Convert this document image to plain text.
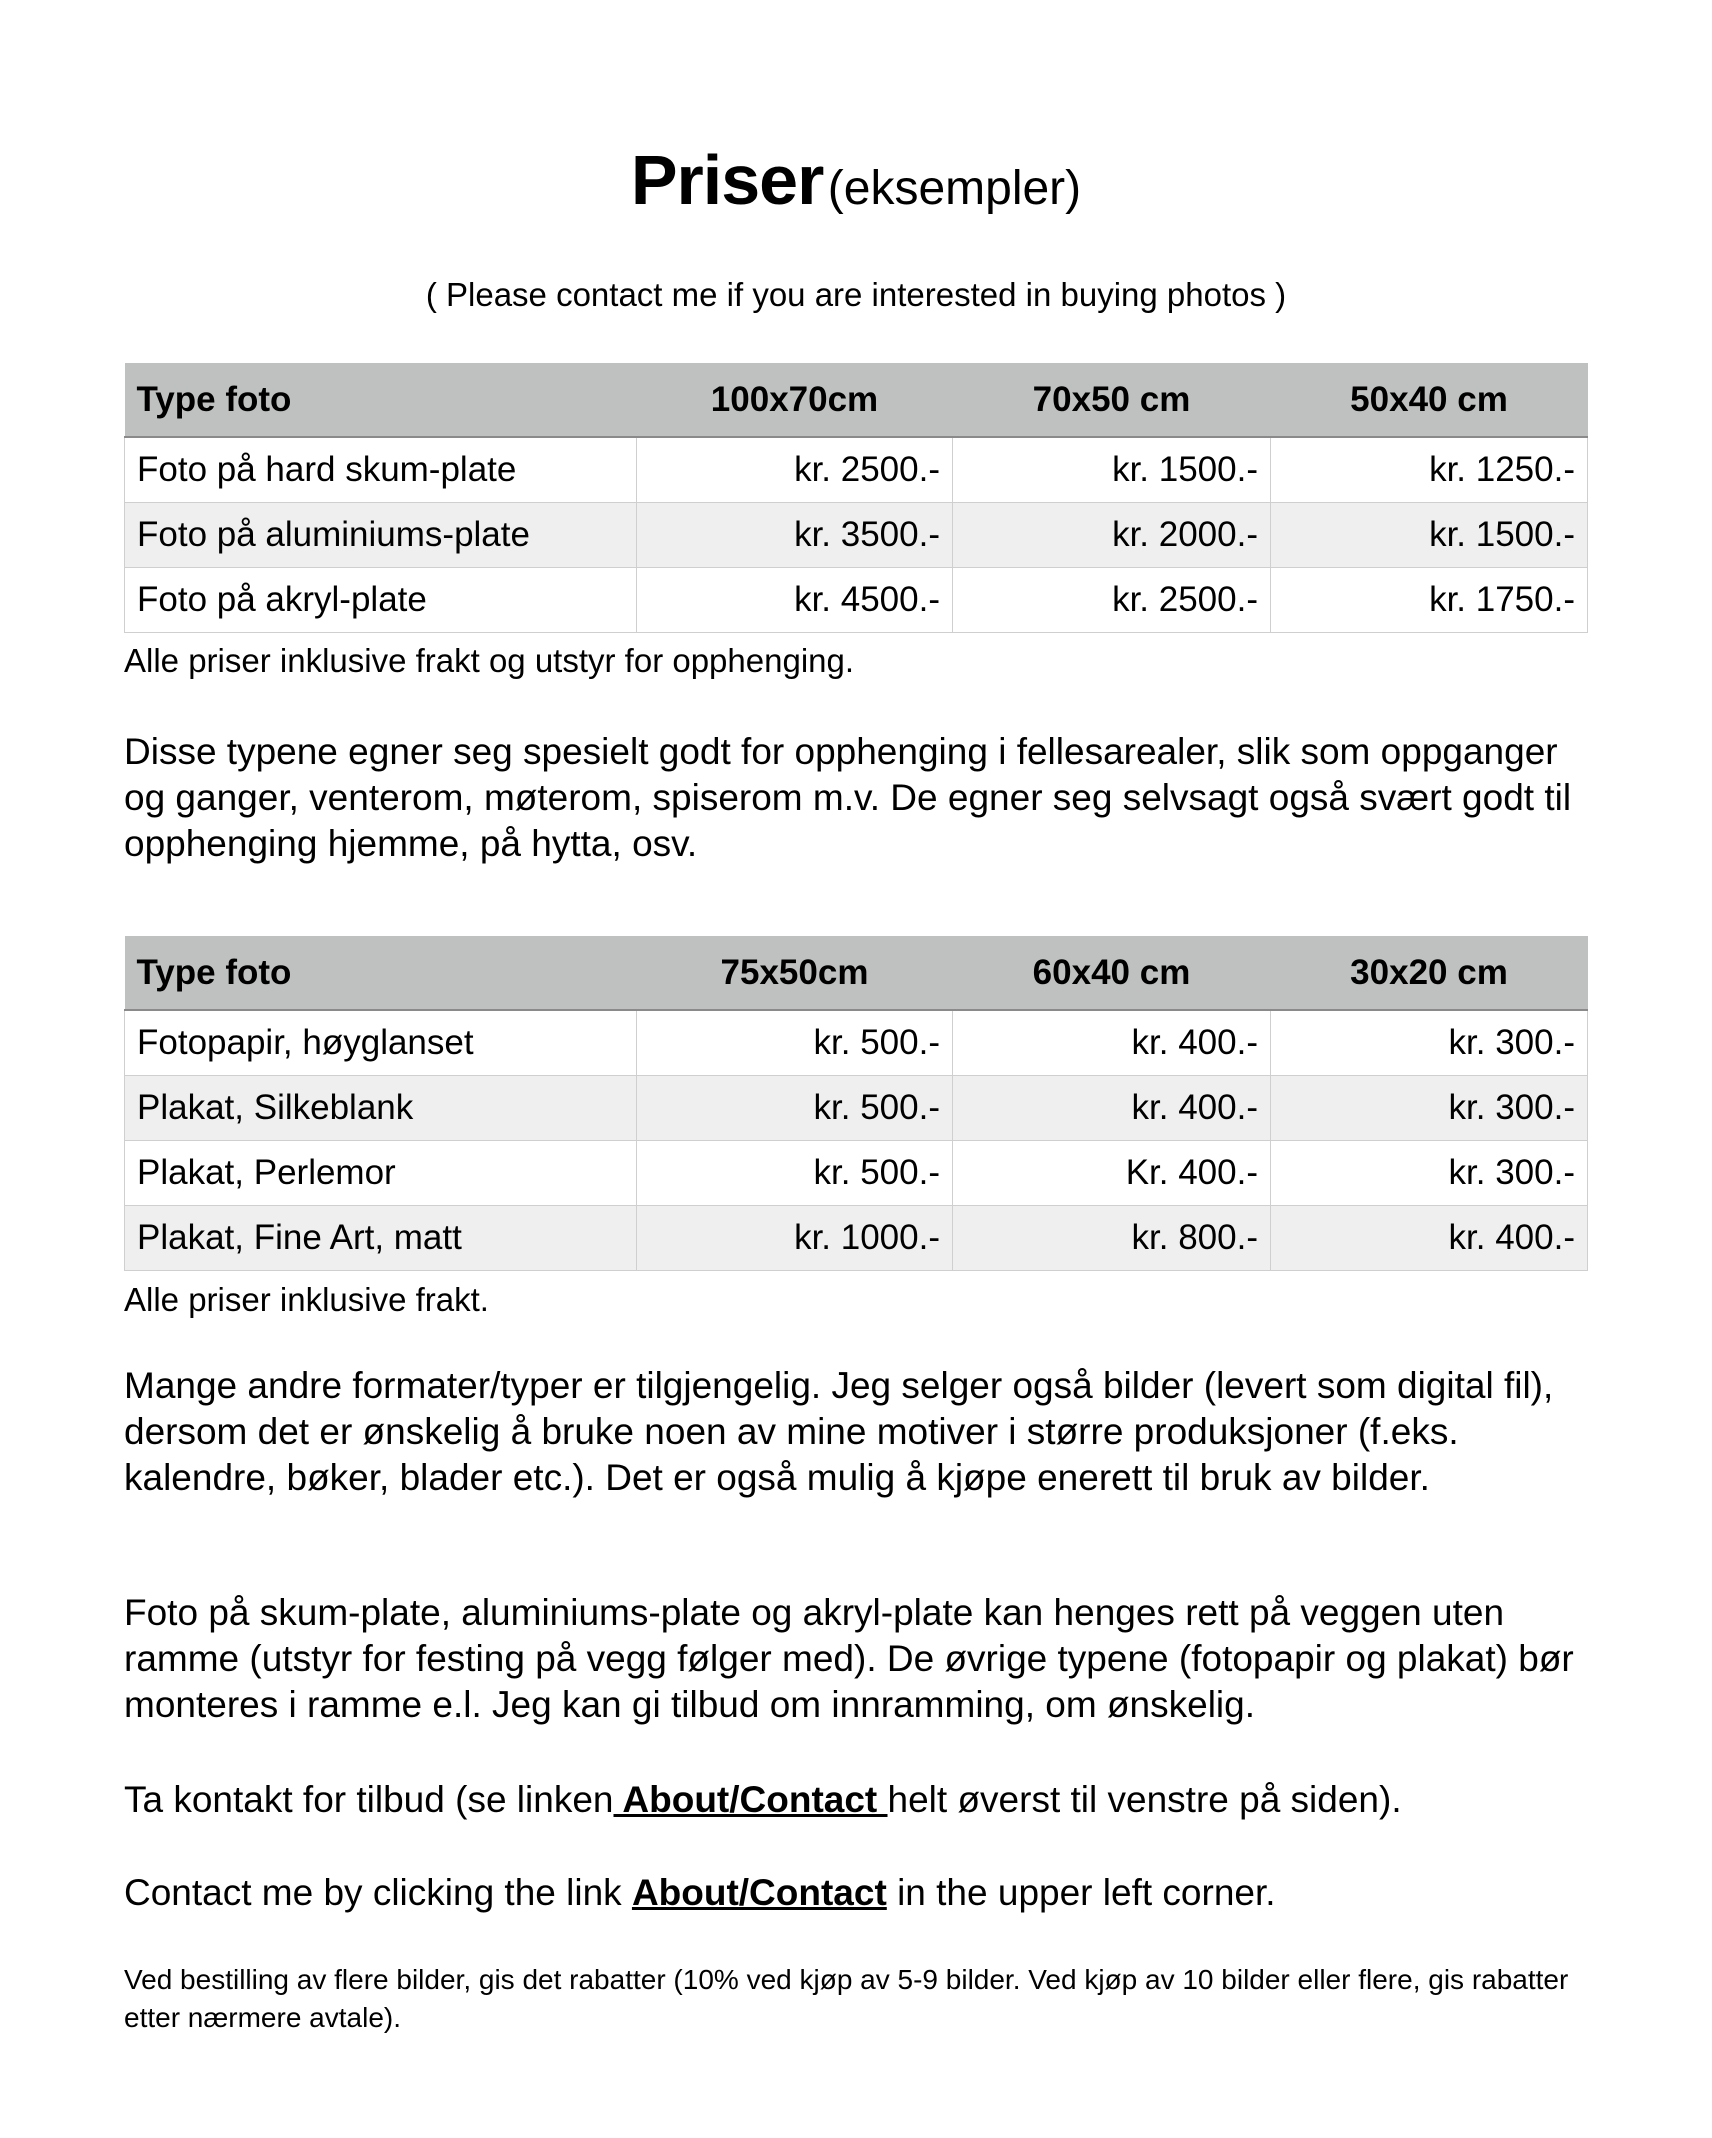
Priser (eksempler)
( Please contact me if you are interested in buying photos )
Type foto	100x70cm	70x50 cm	50x40 cm
Foto på hard skum-plate	kr. 2500.-	kr. 1500.-	kr. 1250.-
Foto på aluminiums-plate	kr. 3500.-	kr. 2000.-	kr. 1500.-
Foto på akryl-plate	kr. 4500.-	kr. 2500.-	kr. 1750.-
Alle priser inklusive frakt og utstyr for opphenging.
Disse typene egner seg spesielt godt for opphenging i fellesarealer, slik som oppganger og ganger, venterom, møterom, spiserom m.v. De egner seg selvsagt også svært godt til opphenging hjemme, på hytta, osv.
Type foto	75x50cm	60x40 cm	30x20 cm
Fotopapir, høyglanset	kr. 500.-	kr. 400.-	kr. 300.-
Plakat, Silkeblank	kr. 500.-	kr. 400.-	kr. 300.-
Plakat, Perlemor	kr. 500.-	Kr. 400.-	kr. 300.-
Plakat, Fine Art, matt	kr. 1000.-	kr. 800.-	kr. 400.-
Alle priser inklusive frakt.
Mange andre formater/typer er tilgjengelig. Jeg selger også bilder (levert som digital fil), dersom det er ønskelig å bruke noen av mine motiver i større produksjoner (f.eks. kalendre, bøker, blader etc.). Det er også mulig å kjøpe enerett til bruk av bilder.
Foto på skum-plate, aluminiums-plate og akryl-plate kan henges rett på veggen uten ramme (utstyr for festing på vegg følger med). De øvrige typene (fotopapir og plakat) bør monteres i ramme e.l. Jeg kan gi tilbud om innramming, om ønskelig.
Ta kontakt for tilbud (se linken About/Contact helt øverst til venstre på siden).
Contact me by clicking the link About/Contact in the upper left corner.
Ved bestilling av flere bilder, gis det rabatter (10% ved kjøp av 5-9 bilder. Ved kjøp av 10 bilder eller flere, gis rabatter etter nærmere avtale).
